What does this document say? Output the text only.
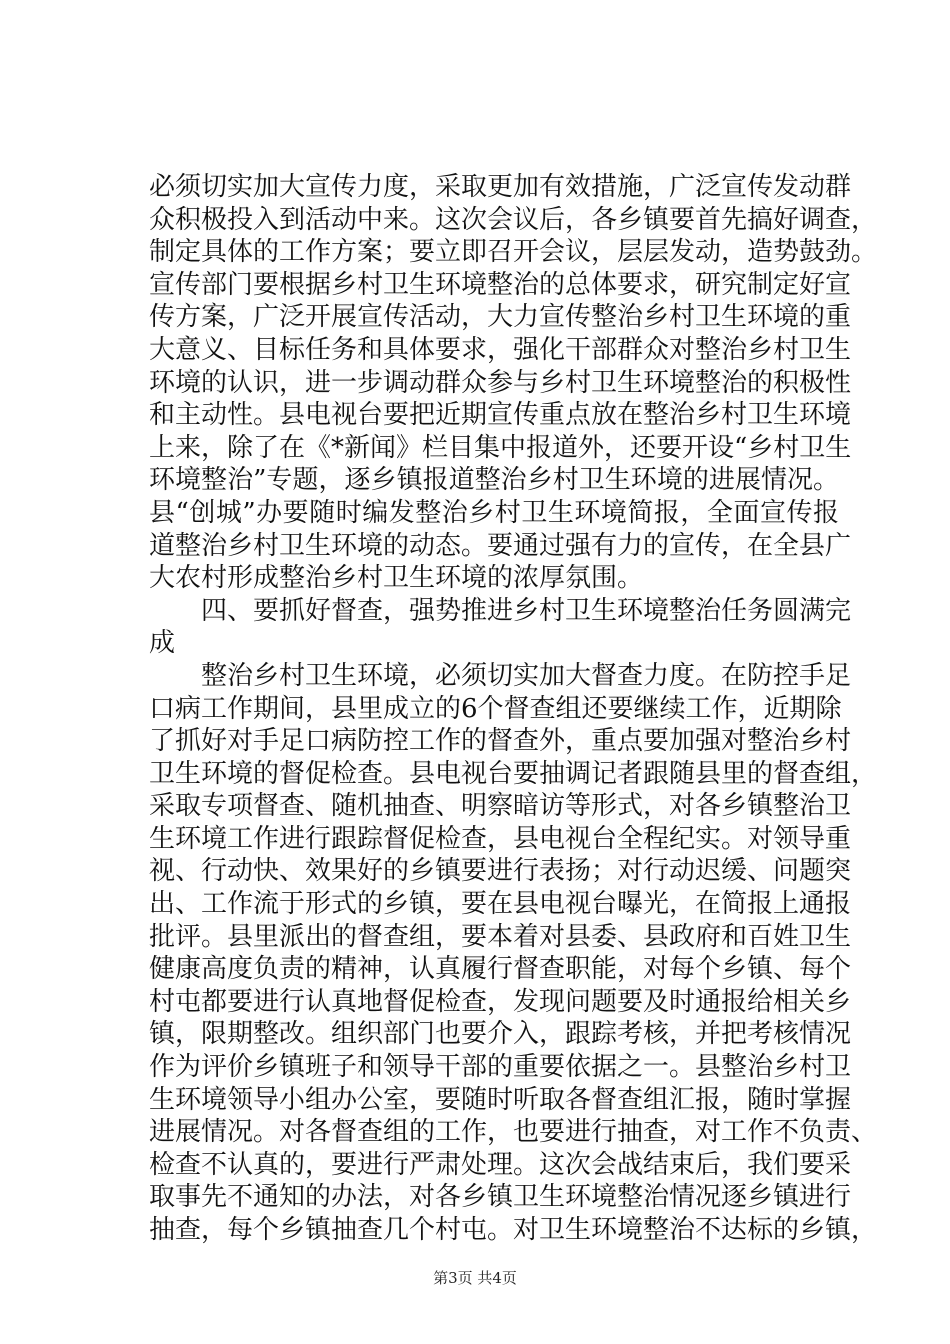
必须切实加大宣传力度，采取更加有效措施，广泛宣传发动群
众积极投入到活动中来。这次会议后，各乡镇要首先搞好调查，
制定具体的工作方案；要立即召开会议，层层发动，造势鼓劲。
宣传部门要根据乡村卫生环境整治的总体要求，研究制定好宣
传方案，广泛开展宣传活动，大力宣传整治乡村卫生环境的重
大意义、目标任务和具体要求，强化干部群众对整治乡村卫生
环境的认识，进一步调动群众参与乡村卫生环境整治的积极性
和主动性。县电视台要把近期宣传重点放在整治乡村卫生环境
上来，除了在《*新闻》栏目集中报道外，还要开设“乡村卫生
环境整治”专题，逐乡镇报道整治乡村卫生环境的进展情况。
县“创城”办要随时编发整治乡村卫生环境简报，全面宣传报
道整治乡村卫生环境的动态。要通过强有力的宣传，在全县广
大农村形成整治乡村卫生环境的浓厚氛围。
　　四、要抓好督查，强势推进乡村卫生环境整治任务圆满完
成
　　整治乡村卫生环境，必须切实加大督查力度。在防控手足
口病工作期间，县里成立的6个督查组还要继续工作，近期除
了抓好对手足口病防控工作的督查外，重点要加强对整治乡村
卫生环境的督促检查。县电视台要抽调记者跟随县里的督查组，
采取专项督查、随机抽查、明察暗访等形式，对各乡镇整治卫
生环境工作进行跟踪督促检查，县电视台全程纪实。对领导重
视、行动快、效果好的乡镇要进行表扬；对行动迟缓、问题突
出、工作流于形式的乡镇，要在县电视台曝光，在简报上通报
批评。县里派出的督查组，要本着对县委、县政府和百姓卫生
健康高度负责的精神，认真履行督查职能，对每个乡镇、每个
村屯都要进行认真地督促检查，发现问题要及时通报给相关乡
镇，限期整改。组织部门也要介入，跟踪考核，并把考核情况
作为评价乡镇班子和领导干部的重要依据之一。县整治乡村卫
生环境领导小组办公室，要随时听取各督查组汇报，随时掌握
进展情况。对各督查组的工作，也要进行抽查，对工作不负责、
检查不认真的，要进行严肃处理。这次会战结束后，我们要采
取事先不通知的办法，对各乡镇卫生环境整治情况逐乡镇进行
抽查，每个乡镇抽查几个村屯。对卫生环境整治不达标的乡镇，
第3页 共4页
